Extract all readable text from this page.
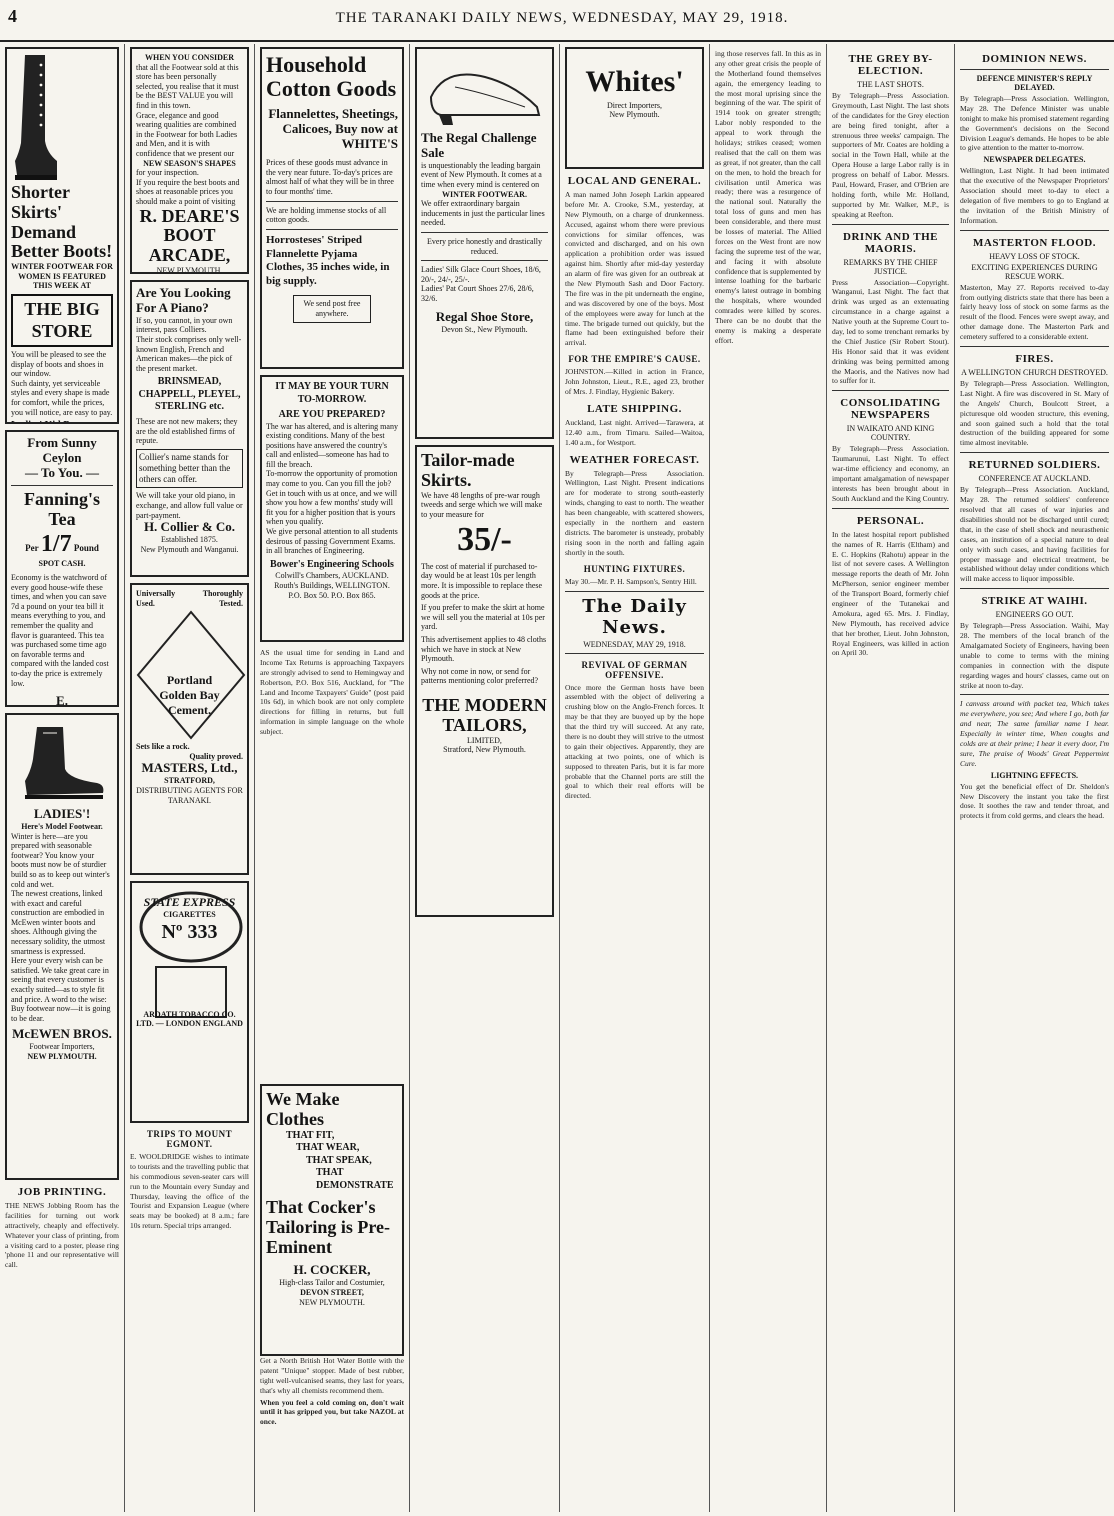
4	THE TARANAKI DAILY NEWS, WEDNESDAY, MAY 29, 1918.
Shorter Skirts' Demand Better Boots!
WINTER FOOTWEAR FOR WOMEN IS FEATURED THIS WEEK AT
THE BIG STORE
You will be pleased to see the display of boots and shoes in our window.
Such dainty, yet serviceable styles and every shape is made for comfort, while the prices, you will notice, are easy to pay.
From Sunny Ceylon
— To You. —
Fanning's Tea
Per 1/7 Pound
SPOT CASH.
Economy is the watchword of every good house-wife these times, and when you can save 7d a pound on your tea bill it means everything to you, and remember the quality and flavor is guaranteed. This tea was purchased some time ago on favorable terms and compared with the landed cost to-day the price is extremely low.
E.
LADIES'!
Here's Model Footwear.
Winter is here—are you prepared with seasonable footwear? You know your boots must now be of sturdier build so as to keep out winter's cold and wet.
The newest creations, linked with exact and careful construction are embodied in McEwen winter boots and shoes. Although giving the necessary solidity, the utmost smartness is expressed.
Here your every wish can be satisfied. We take great care in seeing that every customer is exactly suited—as to style fit and price. A word to the wise: Buy footwear now—it is going to be dear.
McEWEN BROS.
Footwear Importers,
NEW PLYMOUTH.
JOB PRINTING.
THE NEWS Jobbing Room has the facilities for turning out work attractively, cheaply and effectively. Whatever your class of printing, from a visiting card to a poster, please ring 'phone 11 and our representative will call.
WHEN YOU CONSIDER
that all the Footwear sold at this store has been personally selected, you realise that it must be the BEST VALUE you will find in this town.
Grace, elegance and good wearing qualities are combined in the Footwear for both Ladies and Men, and it is with confidence that we present our
NEW SEASON'S SHAPES
for your inspection.
If you require the best boots and shoes at reasonable prices you should make a point of visiting
R. DEARE'S
BOOT
ARCADE,
NEW PLYMOUTH.
Are You Looking For A Piano?
If so, you cannot, in your own interest, pass Colliers.
Their stock comprises only well-known English, French and American makes—the pick of the present market.
BRINSMEAD, CHAPPELL, PLEYEL, STERLING etc.
These are not new makers; they are the old established firms of repute.
Collier's name stands for something better than the others can offer.
We will take your old piano, in exchange, and allow full value or part-payment.
H. Collier & Co.
Established 1875.
New Plymouth and Wanganui.
Universally	Thoroughly
Used.	Tested.
Portland Golden Bay Cement.
Sets like a rock.
Quality proved.
MASTERS, Ltd.,
STRATFORD,
DISTRIBUTING AGENTS FOR TARANAKI.
STATE EXPRESS
CIGARETTES
Nº 333
ARDATH TOBACCO CO. LTD. — LONDON ENGLAND
TRIPS TO MOUNT EGMONT.
E. WOOLDRIDGE wishes to intimate to tourists and the travelling public that his commodious seven-seater cars will run to the Mountain every Sunday and Thursday, leaving the office of the Tourist and Expansion League (where seats may be booked) at 8 a.m.; fare 10s return. Special trips arranged.
Household Cotton Goods
Flannelettes, Sheetings, Calicoes, Buy now at WHITE'S
Prices of these goods must advance in the very near future. To-day's prices are almost half of what they will be in three to four months' time.
We are holding immense stocks of all cotton goods.
Horrosteses' Striped Flannelette Pyjama Clothes, 35 inches wide, in big supply.
We send post free anywhere.
IT MAY BE YOUR TURN TO-MORROW.
ARE YOU PREPARED?
The war has altered, and is altering many existing conditions. Many of the best positions have answered the country's call and enlisted—someone has had to fill the breach.
To-morrow the opportunity of promotion may come to you. Can you fill the job?
Get in touch with us at once, and we will show you how a few months' study will fit you for a higher position that is yours when you qualify.
We give personal attention to all students desirous of passing Government Exams. in all branches of Engineering.
Bower's Engineering Schools
Colwill's Chambers, AUCKLAND. Routh's Buildings, WELLINGTON.
P.O. Box 50. P.O. Box 865.
AS the usual time for sending in Land and Income Tax Returns is approaching Taxpayers are strongly advised to send to Hemingway and Robertson, P.O. Box 516, Auckland, for "The Land and Income Taxpayers' Guide" (post paid 10s 6d), in which book are not only complete directions for filling in returns, but full information in simple language on the whole subject.
We Make Clothes
THAT FIT,
THAT WEAR,
THAT SPEAK,
THAT DEMONSTRATE
That Cocker's Tailoring is Pre-Eminent
H. COCKER,
High-class Tailor and Costumier,
DEVON STREET,
NEW PLYMOUTH.
Get a North British Hot Water Bottle with the patent "Unique" stopper. Made of best rubber, tight well-vulcanised seams, they last for years, that's why all chemists recommend them.
When you feel a cold coming on, don't wait until it has gripped you, but take NAZOL at once.
The Regal Challenge Sale
is unquestionably the leading bargain event of New Plymouth. It comes at a time when every mind is centered on
WINTER FOOTWEAR.
We offer extraordinary bargain inducements in just the particular lines needed.
Every price honestly and drastically reduced.
Ladies' Silk Glace Court Shoes, 18/6, 20/-, 24/-, 25/-.
Ladies' Pat Court Shoes 27/6, 28/6, 32/6.
Regal Shoe Store,
Devon St., New Plymouth.
Tailor-made Skirts.
We have 48 lengths of pre-war rough tweeds and serge which we will make to your measure for
35/-
The cost of material if purchased to-day would be at least 10s per length more. It is impossible to replace these goods at the price.
If you prefer to make the skirt at home we will sell you the material at 10s per yard.
This advertisement applies to 48 cloths which we have in stock at New Plymouth.
Why not come in now, or send for patterns mentioning color preferred?
THE MODERN TAILORS,
LIMITED,
Stratford, New Plymouth.
Whites'
Direct Importers,
New Plymouth.
LOCAL AND GENERAL.
A man named John Joseph Larkin appeared before Mr. A. Crooke, S.M., yesterday, at New Plymouth, on a charge of drunkenness. Accused, against whom there were previous convictions for similar offences, was convicted and discharged, and on his own application a prohibition order was issued against him. Shortly after mid-day yesterday an alarm of fire was given for an outbreak at the New Plymouth Sash and Door Factory. The fire was in the pit underneath the engine, and was discovered by one of the boys. Most of the employees were away for lunch at the time. The brigade turned out quickly, but the flame had been extinguished before their arrival.
FOR THE EMPIRE'S CAUSE.
JOHNSTON.—Killed in action in France, John Johnston, Lieut., R.E., aged 23, brother of Mrs. J. Findlay, Hygienic Bakery.
LATE SHIPPING.
Auckland, Last night. Arrived—Tarawera, at 12.40 a.m., from Timaru. Sailed—Waitoa, 1.40 a.m., for Westport.
WEATHER FORECAST.
By Telegraph—Press Association. Wellington, Last Night. Present indications are for moderate to strong south-easterly winds, changing to east to north. The weather has been changeable, with scattered showers, especially in the northern and eastern districts. The barometer is unsteady, probably rising soon in the north and falling again shortly in the south.
HUNTING FIXTURES.
May 30.—Mr. P. H. Sampson's, Sentry Hill.
The Daily News.
WEDNESDAY, MAY 29, 1918.
REVIVAL OF GERMAN OFFENSIVE.
Once more the German hosts have been assembled with the object of delivering a crushing blow on the Anglo-French forces. It may be that they are buoyed up by the hope that the third try will succeed. At any rate, there is no doubt they will strive to the utmost to gain their objectives. Apparently, they are attacking at two points, one of which is supposed to threaten Paris, but it is far more probable that the Channel ports are still the goal to which their real efforts will be directed.
ing those reserves fall. In this as in any other great crisis the people of the Motherland found themselves again, the emergency leading to the most moral uprising since the beginning of the war. The spirit of 1914 took on greater strength; Labor nobly responded to the appeal to work through the holidays; strikes ceased; women realised that the call on them was as great, if not greater, than the call on the men, to hold the breach for civilisation until America was ready; there was a resurgence of the national soul. Naturally the total loss of guns and men has been considerable, and there must be losses of material. The Allied forces on the West front are now facing the supreme test of the war, and facing it with absolute confidence that is supplemented by intense loathing for the barbaric enemy's latest outrage in bombing the hospitals, where wounded comrades were killed by scores. There can be no doubt that the enemy is making a desperate effort.
THE GREY BY-ELECTION.
THE LAST SHOTS.
By Telegraph—Press Association. Greymouth, Last Night. The last shots of the candidates for the Grey election are being fired tonight, after a strenuous three weeks' campaign. The supporters of Mr. Coates are holding a social in the Town Hall, while at the Opera House a large Labor rally is in progress on behalf of Labor. Messrs. Paul, Howard, Fraser, and O'Brien are holding forth, while Mr. Holland, supported by Mr. Walker, M.P., is speaking at Reefton.
DRINK AND THE MAORIS.
REMARKS BY THE CHIEF JUSTICE.
Press Association—Copyright. Wanganui, Last Night. The fact that drink was urged as an extenuating circumstance in a charge against a Native youth at the Supreme Court to-day, led to some trenchant remarks by the Chief Justice (Sir Robert Stout). His Honor said that it was evident drinking was being permitted among the Maoris, and the Natives now had to suffer for it.
CONSOLIDATING NEWSPAPERS
IN WAIKATO AND KING COUNTRY.
By Telegraph—Press Association. Taumarunui, Last Night. To effect war-time efficiency and economy, an important amalgamation of newspaper interests has been brought about in South Auckland and the King Country.
PERSONAL.
In the latest hospital report published the names of R. Harris (Eltham) and E. C. Hopkins (Rahotu) appear in the list of not severe cases. A Wellington message reports the death of Mr. John McPherson, senior engineer member of the Transport Board, formerly chief engineer of the Tutanekai and Amokura, aged 65. Mrs. J. Findlay, New Plymouth, has received advice that her brother, Lieut. John Johnston, Royal Engineers, was killed in action on April 30.
DOMINION NEWS.
DEFENCE MINISTER'S REPLY DELAYED.
By Telegraph—Press Association. Wellington, May 28. The Defence Minister was unable tonight to make his promised statement regarding the Government's decisions on the Second Division League's demands. He hopes to be able to give attention to the matter to-morrow.
NEWSPAPER DELEGATES.
Wellington, Last Night. It had been intimated that the executive of the Newspaper Proprietors' Association should meet to-day to elect a delegation of five members to go to England at the invitation of the British Ministry of Information.
MASTERTON FLOOD.
HEAVY LOSS OF STOCK.
EXCITING EXPERIENCES DURING RESCUE WORK.
Masterton, May 27. Reports received to-day from outlying districts state that there has been a fairly heavy loss of stock on some farms as the result of the flood. Fences were swept away, and other damage done. The Masterton Park and cemetery suffered to a considerable extent.
FIRES.
A WELLINGTON CHURCH DESTROYED.
By Telegraph—Press Association. Wellington, Last Night. A fire was discovered in St. Mary of the Angels' Church, Boulcott Street, a picturesque old wooden structure, this evening, and soon gained such a hold that the total destruction of the building appeared for some time almost inevitable.
RETURNED SOLDIERS.
CONFERENCE AT AUCKLAND.
By Telegraph—Press Association. Auckland, May 28. The returned soldiers' conference resolved that all cases of war injuries and disabilities should not be discharged until cured; that, in the case of shell shock and neurasthenic cases, an institution of a special nature to deal only with such cases, and having facilities for proper massage and electrical treatment, be established without delay under conditions which will make access to liquor impossible.
STRIKE AT WAIHI.
ENGINEERS GO OUT.
By Telegraph—Press Association. Waihi, May 28. The members of the local branch of the Amalgamated Society of Engineers, having been unable to come to terms with the mining companies in connection with the dispute regarding wages and hours' classes, came out on strike at noon to-day.
I canvass around with packet tea, Which takes me everywhere, you see; And where I go, both far and near, The same familiar name I hear. Especially in winter time, When coughs and colds are at their prime; I hear it every door, I'm sure, The praise of Woods' Great Peppermint Cure.
LIGHTNING EFFECTS.
You get the beneficial effect of Dr. Sheldon's New Discovery the instant you take the first dose. It soothes the raw and tender throat, and protects it from cold germs, and clears the head.
